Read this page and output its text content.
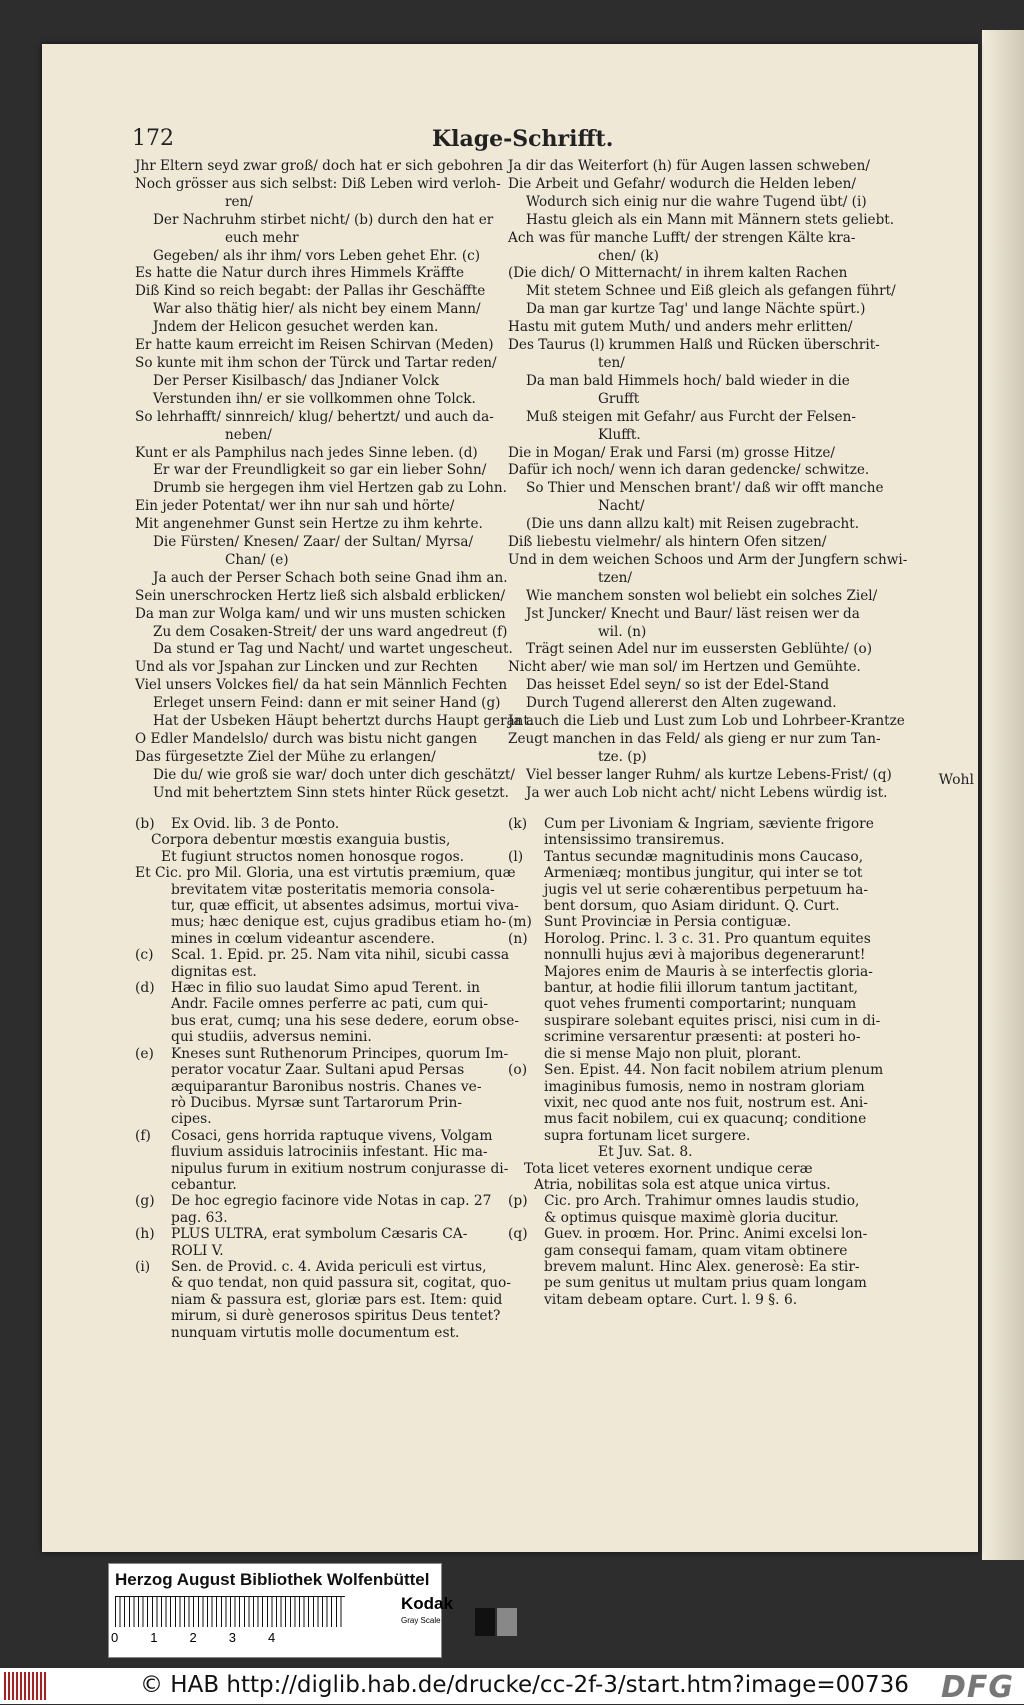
172	Klage-Schrifft.
Jhr Eltern seyd zwar groß/ doch hat er sich gebohren
Noch grösser aus sich selbst: Diß Leben wird verloh-
ren/
Der Nachruhm stirbet nicht/ (b) durch den hat er
euch mehr
Gegeben/ als ihr ihm/ vors Leben gehet Ehr. (c)
Es hatte die Natur durch ihres Himmels Kräffte
Diß Kind so reich begabt: der Pallas ihr Geschäffte
War also thätig hier/ als nicht bey einem Mann/
Jndem der Helicon gesuchet werden kan.
Er hatte kaum erreicht im Reisen Schirvan (Meden)
So kunte mit ihm schon der Türck und Tartar reden/
Der Perser Kisilbasch/ das Jndianer Volck
Verstunden ihn/ er sie vollkommen ohne Tolck.
So lehrhafft/ sinnreich/ klug/ behertzt/ und auch da-
neben/
Kunt er als Pamphilus nach jedes Sinne leben. (d)
Er war der Freundligkeit so gar ein lieber Sohn/
Drumb sie hergegen ihm viel Hertzen gab zu Lohn.
Ein jeder Potentat/ wer ihn nur sah und hörte/
Mit angenehmer Gunst sein Hertze zu ihm kehrte.
Die Fürsten/ Knesen/ Zaar/ der Sultan/ Myrsa/
Chan/ (e)
Ja auch der Perser Schach both seine Gnad ihm an.
Sein unerschrocken Hertz ließ sich alsbald erblicken/
Da man zur Wolga kam/ und wir uns musten schicken
Zu dem Cosaken-Streit/ der uns ward angedreut (f)
Da stund er Tag und Nacht/ und wartet ungescheut.
Und als vor Jspahan zur Lincken und zur Rechten
Viel unsers Volckes fiel/ da hat sein Männlich Fechten
Erleget unsern Feind: dann er mit seiner Hand (g)
Hat der Usbeken Häupt behertzt durchs Haupt gerant.
O Edler Mandelslo/ durch was bistu nicht gangen
Das fürgesetzte Ziel der Mühe zu erlangen/
Die du/ wie groß sie war/ doch unter dich geschätzt/
Und mit behertztem Sinn stets hinter Rück gesetzt.
Ja dir das Weiterfort (h) für Augen lassen schweben/
Die Arbeit und Gefahr/ wodurch die Helden leben/
Wodurch sich einig nur die wahre Tugend übt/ (i)
Hastu gleich als ein Mann mit Männern stets geliebt.
Ach was für manche Lufft/ der strengen Kälte kra-
chen/ (k)
(Die dich/ O Mitternacht/ in ihrem kalten Rachen
Mit stetem Schnee und Eiß gleich als gefangen führt/
Da man gar kurtze Tag' und lange Nächte spürt.)
Hastu mit gutem Muth/ und anders mehr erlitten/
Des Taurus (l) krummen Halß und Rücken überschrit-
ten/
Da man bald Himmels hoch/ bald wieder in die
Grufft
Muß steigen mit Gefahr/ aus Furcht der Felsen-
Klufft.
Die in Mogan/ Erak und Farsi (m) grosse Hitze/
Dafür ich noch/ wenn ich daran gedencke/ schwitze.
So Thier und Menschen brant'/ daß wir offt manche
Nacht/
(Die uns dann allzu kalt) mit Reisen zugebracht.
Diß liebestu vielmehr/ als hintern Ofen sitzen/
Und in dem weichen Schoos und Arm der Jungfern schwi-
tzen/
Wie manchem sonsten wol beliebt ein solches Ziel/
Jst Juncker/ Knecht und Baur/ läst reisen wer da
wil. (n)
Trägt seinen Adel nur im eussersten Geblühte/ (o)
Nicht aber/ wie man sol/ im Hertzen und Gemühte.
Das heisset Edel seyn/ so ist der Edel-Stand
Durch Tugend allererst den Alten zugewand.
Ja auch die Lieb und Lust zum Lob und Lohrbeer-Krantze
Zeugt manchen in das Feld/ als gieng er nur zum Tan-
tze. (p)
Viel besser langer Ruhm/ als kurtze Lebens-Frist/ (q)
Ja wer auch Lob nicht acht/ nicht Lebens würdig ist.
Wohl
(b) Ex Ovid. lib. 3 de Ponto.
Corpora debentur mœstis exanguia bustis,
Et fugiunt structos nomen honosque rogos.
Et Cic. pro Mil. Gloria, una est virtutis præmium, quæ
brevitatem vitæ posteritatis memoria consola-
tur, quæ efficit, ut absentes adsimus, mortui viva-
mus; hæc denique est, cujus gradibus etiam ho-
mines in cœlum videantur ascendere.
(c) Scal. 1. Epid. pr. 25. Nam vita nihil, sicubi cassa
dignitas est.
(d) Hæc in filio suo laudat Simo apud Terent. in
Andr. Facile omnes perferre ac pati, cum qui-
bus erat, cumq; una his sese dedere, eorum obse-
qui studiis, adversus nemini.
(e) Kneses sunt Ruthenorum Principes, quorum Im-
perator vocatur Zaar. Sultani apud Persas
æquiparantur Baronibus nostris. Chanes ve-
rò Ducibus. Myrsæ sunt Tartarorum Prin-
cipes.
(f) Cosaci, gens horrida raptuque vivens, Volgam
fluvium assiduis latrociniis infestant. Hic ma-
nipulus furum in exitium nostrum conjurasse di-
cebantur.
(g) De hoc egregio facinore vide Notas in cap. 27
pag. 63.
(h) PLUS ULTRA, erat symbolum Cæsaris CA-
ROLI V.
(i) Sen. de Provid. c. 4. Avida periculi est virtus,
& quo tendat, non quid passura sit, cogitat, quo-
niam & passura est, gloriæ pars est. Item: quid
mirum, si durè generosos spiritus Deus tentet?
nunquam virtutis molle documentum est.
(k) Cum per Livoniam & Ingriam, sæviente frigore
intensissimo transiremus.
(l) Tantus secundæ magnitudinis mons Caucaso,
Armeniæq; montibus jungitur, qui inter se tot
jugis vel ut serie cohærentibus perpetuum ha-
bent dorsum, quo Asiam diridunt. Q. Curt.
(m) Sunt Provinciæ in Persia contiguæ.
(n) Horolog. Princ. l. 3 c. 31. Pro quantum equites
nonnulli hujus ævi à majoribus degenerarunt!
Majores enim de Mauris à se interfectis gloria-
bantur, at hodie filii illorum tantum jactitant,
quot vehes frumenti comportarint; nunquam
suspirare solebant equites prisci, nisi cum in di-
scrimine versarentur præsenti: at posteri ho-
die si mense Majo non pluit, plorant.
(o) Sen. Epist. 44. Non facit nobilem atrium plenum
imaginibus fumosis, nemo in nostram gloriam
vixit, nec quod ante nos fuit, nostrum est. Ani-
mus facit nobilem, cui ex quacunq; conditione
supra fortunam licet surgere.
Et Juv. Sat. 8.
Tota licet veteres exornent undique ceræ
Atria, nobilitas sola est atque unica virtus.
(p) Cic. pro Arch. Trahimur omnes laudis studio,
& optimus quisque maximè gloria ducitur.
(q) Guev. in proœm. Hor. Princ. Animi excelsi lon-
gam consequi famam, quam vitam obtinere
brevem malunt. Hinc Alex. generosè: Ea stir-
pe sum genitus ut multam prius quam longam
vitam debeam optare. Curt. l. 9 §. 6.
Herzog August Bibliothek Wolfenbüttel
0 1 2 3 4
Kodak
Gray Scale
© HAB http://diglib.hab.de/drucke/cc-2f-3/start.htm?image=00736 DFG
